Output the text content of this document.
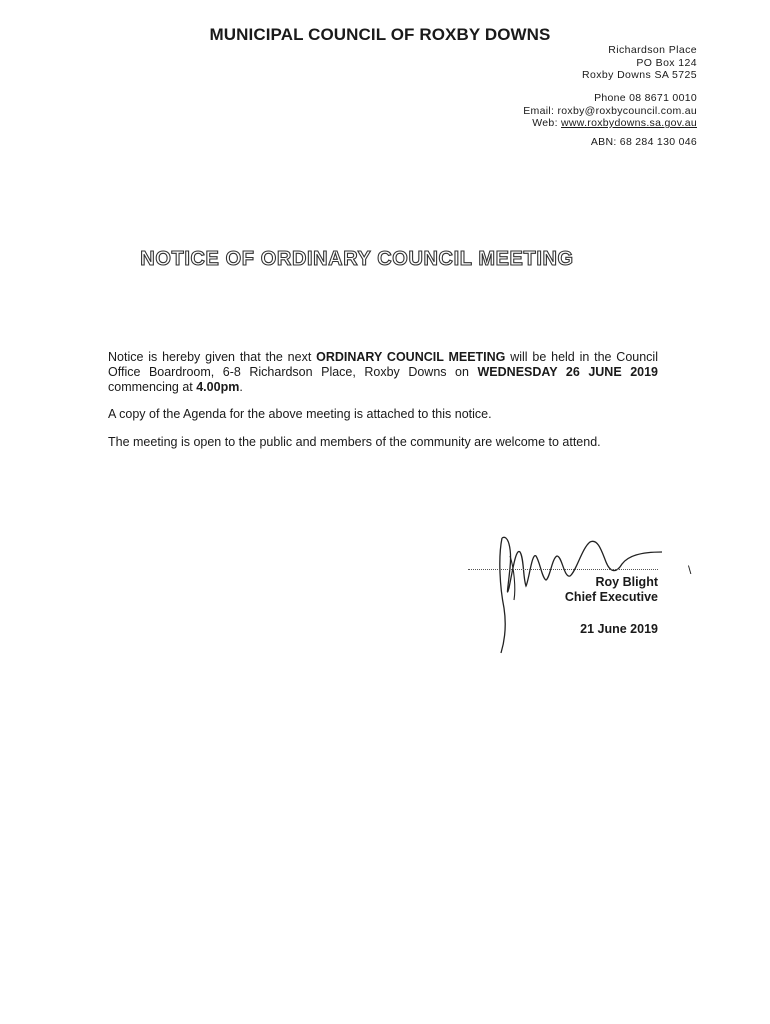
MUNICIPAL COUNCIL OF ROXBY DOWNS
Richardson Place
PO Box 124
Roxby Downs SA 5725
Phone 08 8671 0010
Email: roxby@roxbycouncil.com.au
Web: www.roxbydowns.sa.gov.au
ABN: 68 284 130 046
NOTICE OF ORDINARY COUNCIL MEETING
Notice is hereby given that the next ORDINARY COUNCIL MEETING will be held in the Council Office Boardroom, 6-8 Richardson Place, Roxby Downs on WEDNESDAY 26 JUNE 2019 commencing at 4.00pm.
A copy of the Agenda for the above meeting is attached to this notice.
The meeting is open to the public and members of the community are welcome to attend.
\
Roy Blight
Chief Executive
21 June 2019
